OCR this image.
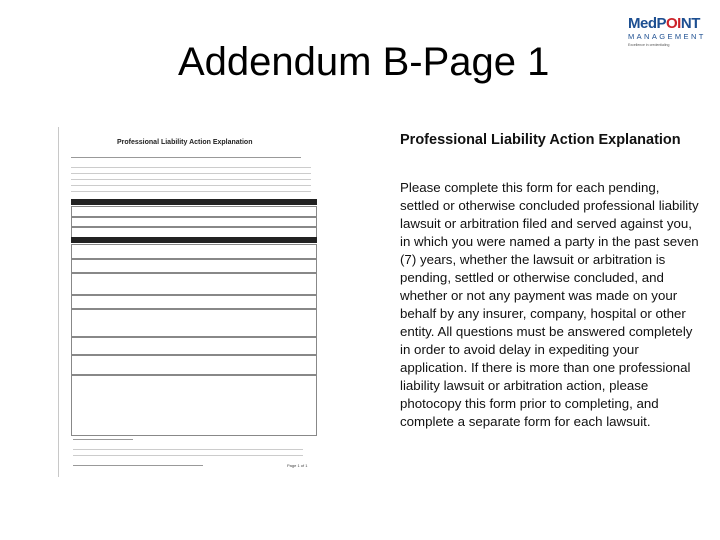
Addendum B-Page 1
MedPOINT
MANAGEMENT
Excellence in credentialing
Professional Liability Action Explanation
Page 1 of 1
Professional Liability Action Explanation
Please complete this form for each pending, settled or otherwise concluded professional liability lawsuit or arbitration filed and served against you, in which you were named a party in the past seven (7) years, whether the lawsuit or arbitration is pending, settled or otherwise concluded, and whether or not any payment was made on your behalf by any insurer, company, hospital or other entity. All questions must be answered completely in order to avoid delay in expediting your application. If there is more than one professional liability lawsuit or arbitration action, please photocopy this form prior to completing, and complete a separate form for each lawsuit.
